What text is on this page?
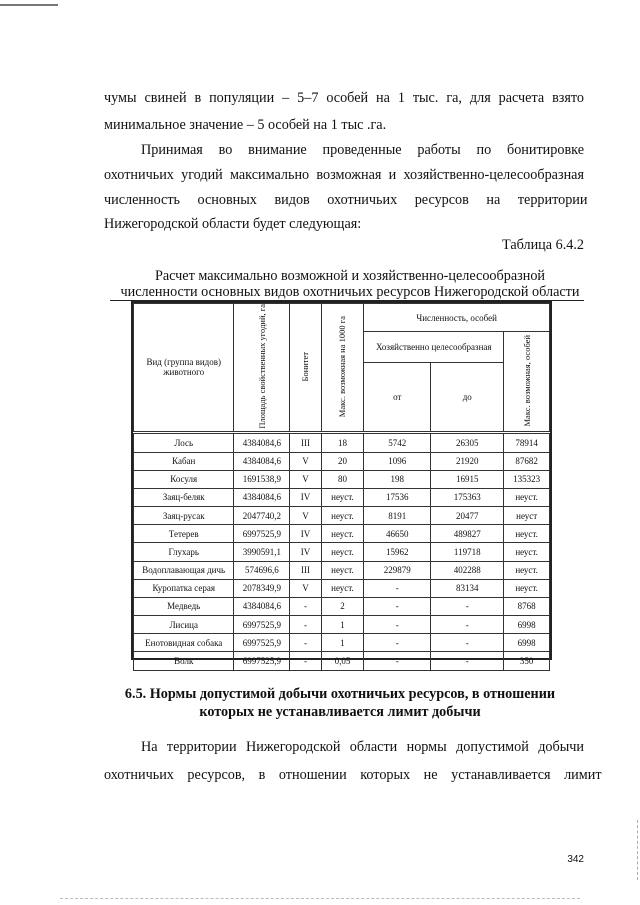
чумы свиней в популяции – 5–7 особей на 1 тыс. га, для расчета взято
минимальное значение – 5 особей на 1 тыс .га.
Принимая во внимание проведенные работы по бонитировке
охотничьих угодий максимально возможная и хозяйственно-целесообразная
численность основных видов охотничьих ресурсов на территории
Нижегородской области будет следующая:
Таблица 6.4.2
Расчет максимально возможной и хозяйственно-целесообразной
численности основных видов охотничьих ресурсов Нижегородской области
Вид (группа видов) животного	Площадь свойственных угодий, га	Бонитет	Макс. возможная на 1000 га	Численность, особей		
				Хозяйственно целесообразная		Макс. возможная, особей
				от	до	
Лось	4384084,6	III	18	5742	26305	78914
Кабан	4384084,6	V	20	1096	21920	87682
Косуля	1691538,9	V	80	198	16915	135323
Заяц-беляк	4384084,6	IV	неуст.	17536	175363	неуст.
Заяц-русак	2047740,2	V	неуст.	8191	20477	неуст
Тетерев	6997525,9	IV	неуст.	46650	489827	неуст.
Глухарь	3990591,1	IV	неуст.	15962	119718	неуст.
Водоплавающая дичь	574696,6	III	неуст.	229879	402288	неуст.
Куропатка серая	2078349,9	V	неуст.	-	83134	неуст.
Медведь	4384084,6	-	2	-	-	8768
Лисица	6997525,9	-	1	-	-	6998
Енотовидная собака	6997525,9	-	1	-	-	6998
Волк	6997525,9	-	0,05	-	-	350
6.5. Нормы допустимой добычи охотничьих ресурсов, в отношении
которых не устанавливается лимит добычи
На территории Нижегородской области нормы допустимой добычи
охотничьих ресурсов, в отношении которых не устанавливается лимит
342
